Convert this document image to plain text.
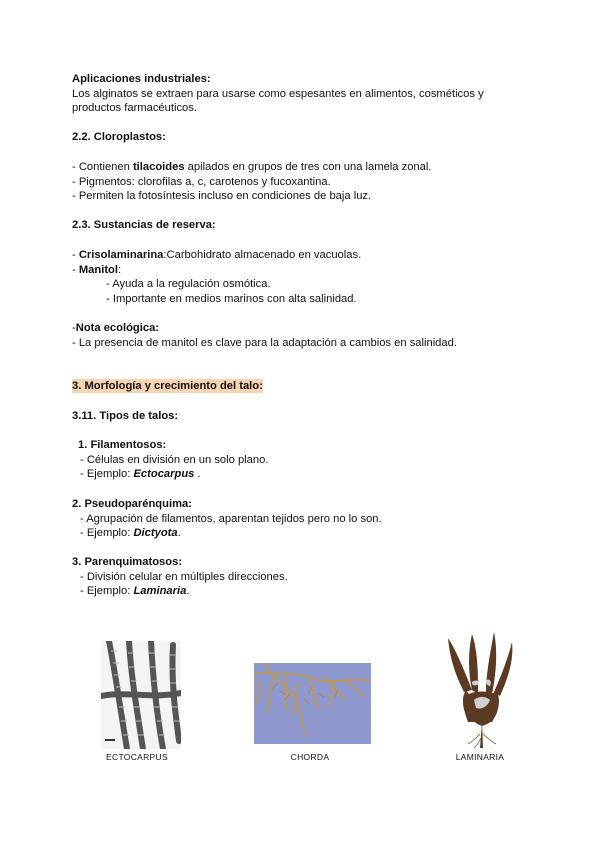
Aplicaciones industriales:
Los alginatos se extraen para usarse como espesantes en alimentos, cosméticos y
productos farmacéuticos.
2.2. Cloroplastos:
- Contienen tilacoides apilados en grupos de tres con una lamela zonal.
- Pigmentos: clorofilas a, c, carotenos y fucoxantina.
- Permiten la fotosíntesis incluso en condiciones de baja luz.
2.3. Sustancias de reserva:
- Crisolaminarina:Carbohidrato almacenado en vacuolas.
- Manitol:
- Ayuda a la regulación osmótica.
- Importante en medios marinos con alta salinidad.
-Nota ecológica:
- La presencia de manitol es clave para la adaptación a cambios en salinidad.
3. Morfología y crecimiento del talo:
3.11. Tipos de talos:
1. Filamentosos:
- Células en división en un solo plano.
- Ejemplo: Ectocarpus .
2. Pseudoparénquima:
- Agrupación de filamentos, aparentan tejidos pero no lo son.
- Ejemplo: Dictyota.
3. Parenquimatosos:
- División celular en múltiples direcciones.
- Ejemplo: Laminaria.
ECTOCARPUS	CHORDA	LAMINARIA
